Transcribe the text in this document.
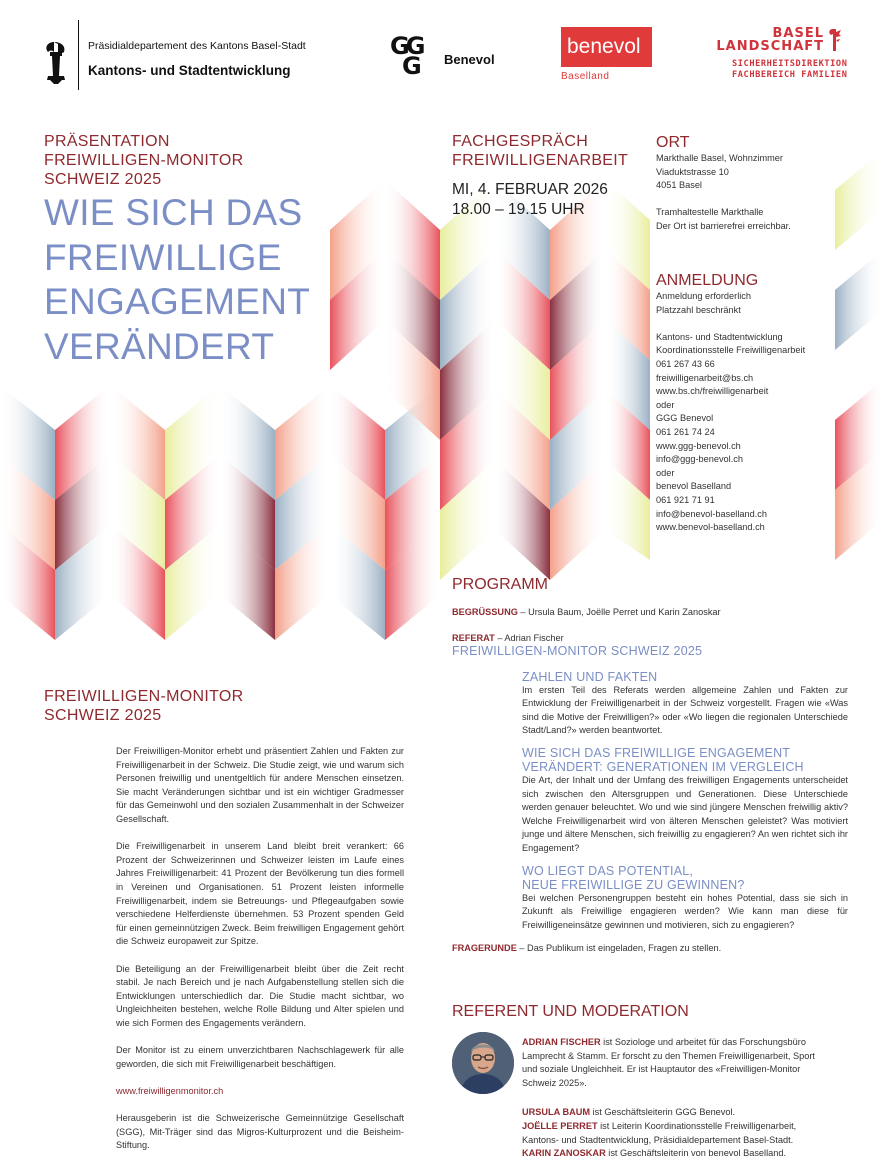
Präsidialdepartement des Kantons Basel-Stadt
Kantons- und Stadtentwicklung
GG
G Benevol
benevol
Baselland
BASEL
LANDSCHAFT
SICHERHEITSDIREKTION
FACHBEREICH FAMILIEN
PRÄSENTATION
FREIWILLIGEN-MONITOR
SCHWEIZ 2025
WIE SICH DAS
FREIWILLIGE
ENGAGEMENT
VERÄNDERT
FACHGESPRÄCH
FREIWILLIGENARBEIT
MI, 4. FEBRUAR 2026
18.00 – 19.15 UHR
ORT
Markthalle Basel, Wohnzimmer
Viaduktstrasse 10
4051 Basel
Tramhaltestelle Markthalle
Der Ort ist barrierefrei erreichbar.
ANMELDUNG
Anmeldung erforderlich
Platzzahl beschränkt
Kantons- und Stadtentwicklung
Koordinationsstelle Freiwilligenarbeit
061 267 43 66
freiwilligenarbeit@bs.ch
www.bs.ch/freiwilligenarbeit
oder
GGG Benevol
061 261 74 24
www.ggg-benevol.ch
info@ggg-benevol.ch
oder
benevol Baselland
061 921 71 91
info@benevol-baselland.ch
www.benevol-baselland.ch
FREIWILLIGEN-MONITOR
SCHWEIZ 2025

Der Freiwilligen-Monitor erhebt und präsentiert Zahlen und Fakten zur Freiwilligenarbeit in der Schweiz. Die Studie zeigt, wie und warum sich Personen freiwillig und unentgeltlich für andere Menschen einsetzen. Sie macht Veränderungen sichtbar und ist ein wichtiger Gradmesser für das Gemeinwohl und den sozialen Zusammenhalt in der Schweizer Gesellschaft.

Die Freiwilligenarbeit in unserem Land bleibt breit verankert: 66 Prozent der Schweizerinnen und Schweizer leisten im Laufe eines Jahres Freiwilligenarbeit: 41 Prozent der Bevölkerung tun dies formell in Vereinen und Organisationen. 51 Prozent leisten informelle Freiwilligenarbeit, indem sie Betreuungs- und Pflegeaufgaben sowie verschiedene Helferdienste übernehmen. 53 Prozent spenden Geld für einen gemeinnützigen Zweck. Beim freiwilligen Engagement gehört die Schweiz europaweit zur Spitze.

Die Beteiligung an der Freiwilligenarbeit bleibt über die Zeit recht stabil. Je nach Bereich und je nach Aufgabenstellung stellen sich die Entwicklungen unterschiedlich dar. Die Studie macht sichtbar, wo Ungleichheiten bestehen, welche Rolle Bildung und Alter spielen und wie sich Formen des Engagements verändern.

Der Monitor ist zu einem unverzichtbaren Nachschlagewerk für alle geworden, die sich mit Freiwilligenarbeit beschäftigen.

www.freiwilligenmonitor.ch

Herausgeberin ist die Schweizerische Gemeinnützige Gesellschaft (SGG), Mit-Träger sind das Migros-Kulturprozent und die Beisheim-Stiftung.

PROGRAMM
BEGRÜSSUNG – Ursula Baum, Joëlle Perret und Karin Zanoskar
REFERAT – Adrian Fischer
FREIWILLIGEN-MONITOR SCHWEIZ 2025
ZAHLEN UND FAKTEN

Im ersten Teil des Referats werden allgemeine Zahlen und Fakten zur Entwicklung der Freiwilligenarbeit in der Schweiz vorgestellt. Fragen wie «Was sind die Motive der Freiwilligen?» oder «Wo liegen die regionalen Unterschiede Stadt/Land?» werden beantwortet.

WIE SICH DAS FREIWILLIGE ENGAGEMENT
VERÄNDERT: GENERATIONEN IM VERGLEICH

Die Art, der Inhalt und der Umfang des freiwilligen Engagements unterscheidet sich zwischen den Altersgruppen und Generationen. Diese Unterschiede werden genauer beleuchtet. Wo und wie sind jüngere Menschen freiwillig aktiv? Welche Freiwilligenarbeit wird von älteren Menschen geleistet? Was motiviert junge und ältere Menschen, sich freiwillig zu engagieren? An wen richtet sich ihr Engagement?

WO LIEGT DAS POTENTIAL,
NEUE FREIWILLIGE ZU GEWINNEN?

Bei welchen Personengruppen besteht ein hohes Potential, dass sie sich in Zukunft als Freiwillige engagieren werden? Wie kann man diese für Freiwilligeneinsätze gewinnen und motivieren, sich zu engagieren?

FRAGERUNDE – Das Publikum ist eingeladen, Fragen zu stellen.
REFERENT UND MODERATION

ADRIAN FISCHER ist Soziologe und arbeitet für das Forschungsbüro Lamprecht & Stamm. Er forscht zu den Themen Freiwilligenarbeit, Sport und soziale Ungleichheit. Er ist Hauptautor des «Freiwilligen-Monitor Schweiz 2025».

URSULA BAUM ist Geschäftsleiterin GGG Benevol.

JOËLLE PERRET ist Leiterin Koordinationsstelle Freiwilligenarbeit, Kantons- und Stadtentwicklung, Präsidialdepartement Basel-Stadt.

KARIN ZANOSKAR ist Geschäftsleiterin von benevol Baselland.
